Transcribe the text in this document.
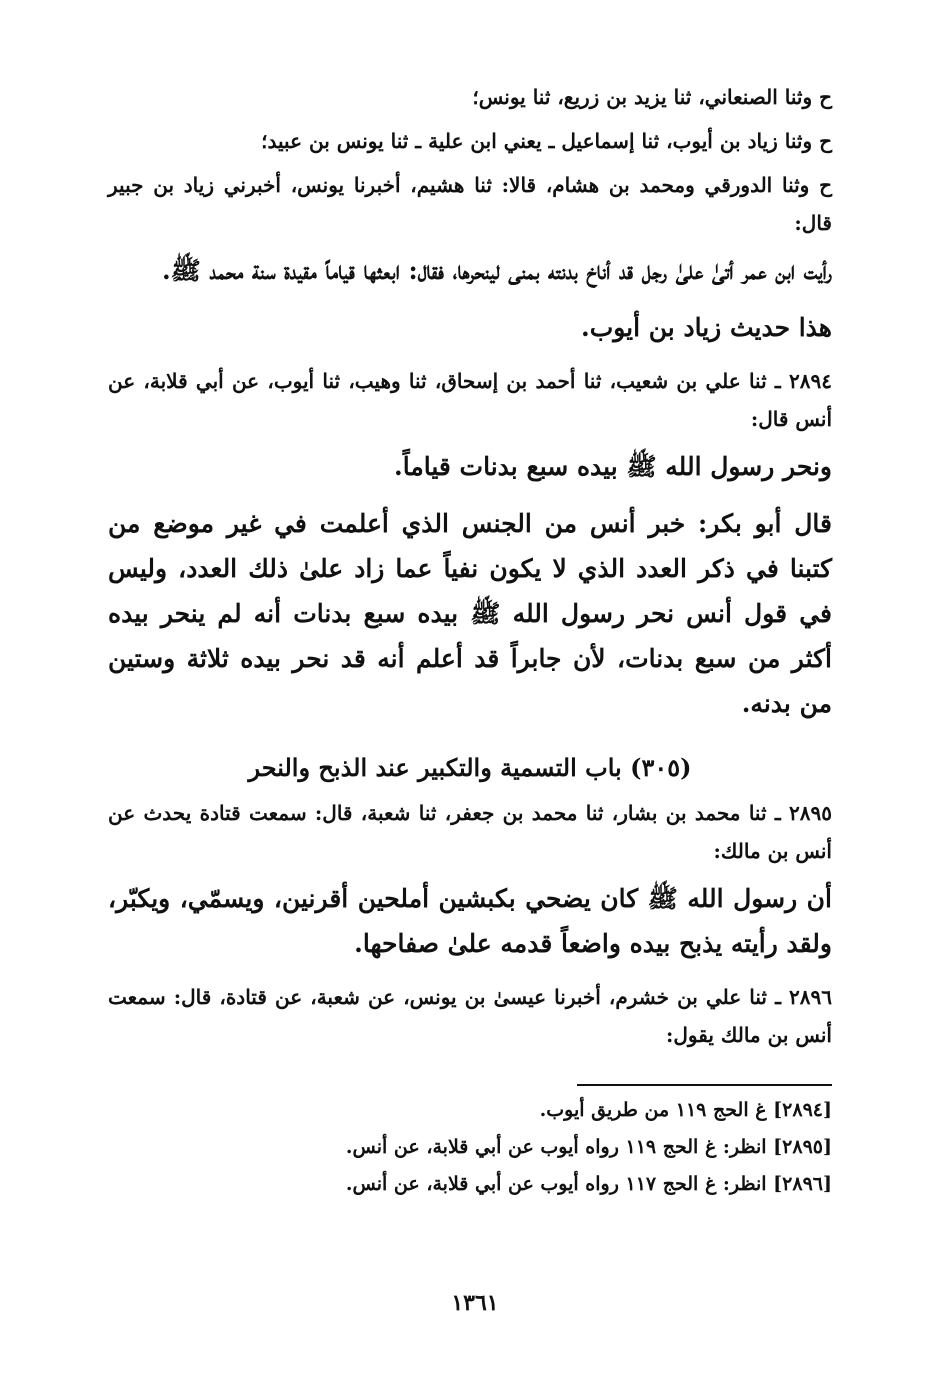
ح وثنا الصنعاني، ثنا يزيد بن زريع، ثنا يونس؛

ح وثنا زياد بن أيوب، ثنا إسماعيل ـ يعني ابن علية ـ ثنا يونس بن عبيد؛

ح وثنا الدورقي ومحمد بن هشام، قالا: ثنا هشيم، أخبرنا يونس، أخبرني زياد بن جبير قال:

رأيت ابن عمر أتىٰ علىٰ رجل قد أناخ بدنته بمنى لينحرها، فقال: ابعثها قياماً مقيدة سنة محمد ﷺ.

هذا حديث زياد بن أيوب.

٢٨٩٤ ـ ثنا علي بن شعيب، ثنا أحمد بن إسحاق، ثنا وهيب، ثنا أيوب، عن أبي قلابة، عن أنس قال:

ونحر رسول الله ﷺ بيده سبع بدنات قياماً.

قال أبو بكر: خبر أنس من الجنس الذي أعلمت في غير موضع من كتبنا في ذكر العدد الذي لا يكون نفياً عما زاد علىٰ ذلك العدد، وليس في قول أنس نحر رسول الله ﷺ بيده سبع بدنات أنه لم ينحر بيده أكثر من سبع بدنات، لأن جابراً قد أعلم أنه قد نحر بيده ثلاثة وستين من بدنه.

(٣٠٥) باب التسمية والتكبير عند الذبح والنحر

٢٨٩٥ ـ ثنا محمد بن بشار، ثنا محمد بن جعفر، ثنا شعبة، قال: سمعت قتادة يحدث عن أنس بن مالك:

أن رسول الله ﷺ كان يضحي بكبشين أملحين أقرنين، ويسمّي، ويكبّر، ولقد رأيته يذبح بيده واضعاً قدمه علىٰ صفاحها.

٢٨٩٦ ـ ثنا علي بن خشرم، أخبرنا عيسىٰ بن يونس، عن شعبة، عن قتادة، قال: سمعت أنس بن مالك يقول:

[٢٨٩٤] غ الحج ١١٩ من طريق أيوب.

[٢٨٩٥] انظر: غ الحج ١١٩ رواه أيوب عن أبي قلابة، عن أنس.

[٢٨٩٦] انظر: غ الحج ١١٧ رواه أيوب عن أبي قلابة، عن أنس.

١٣٦١
